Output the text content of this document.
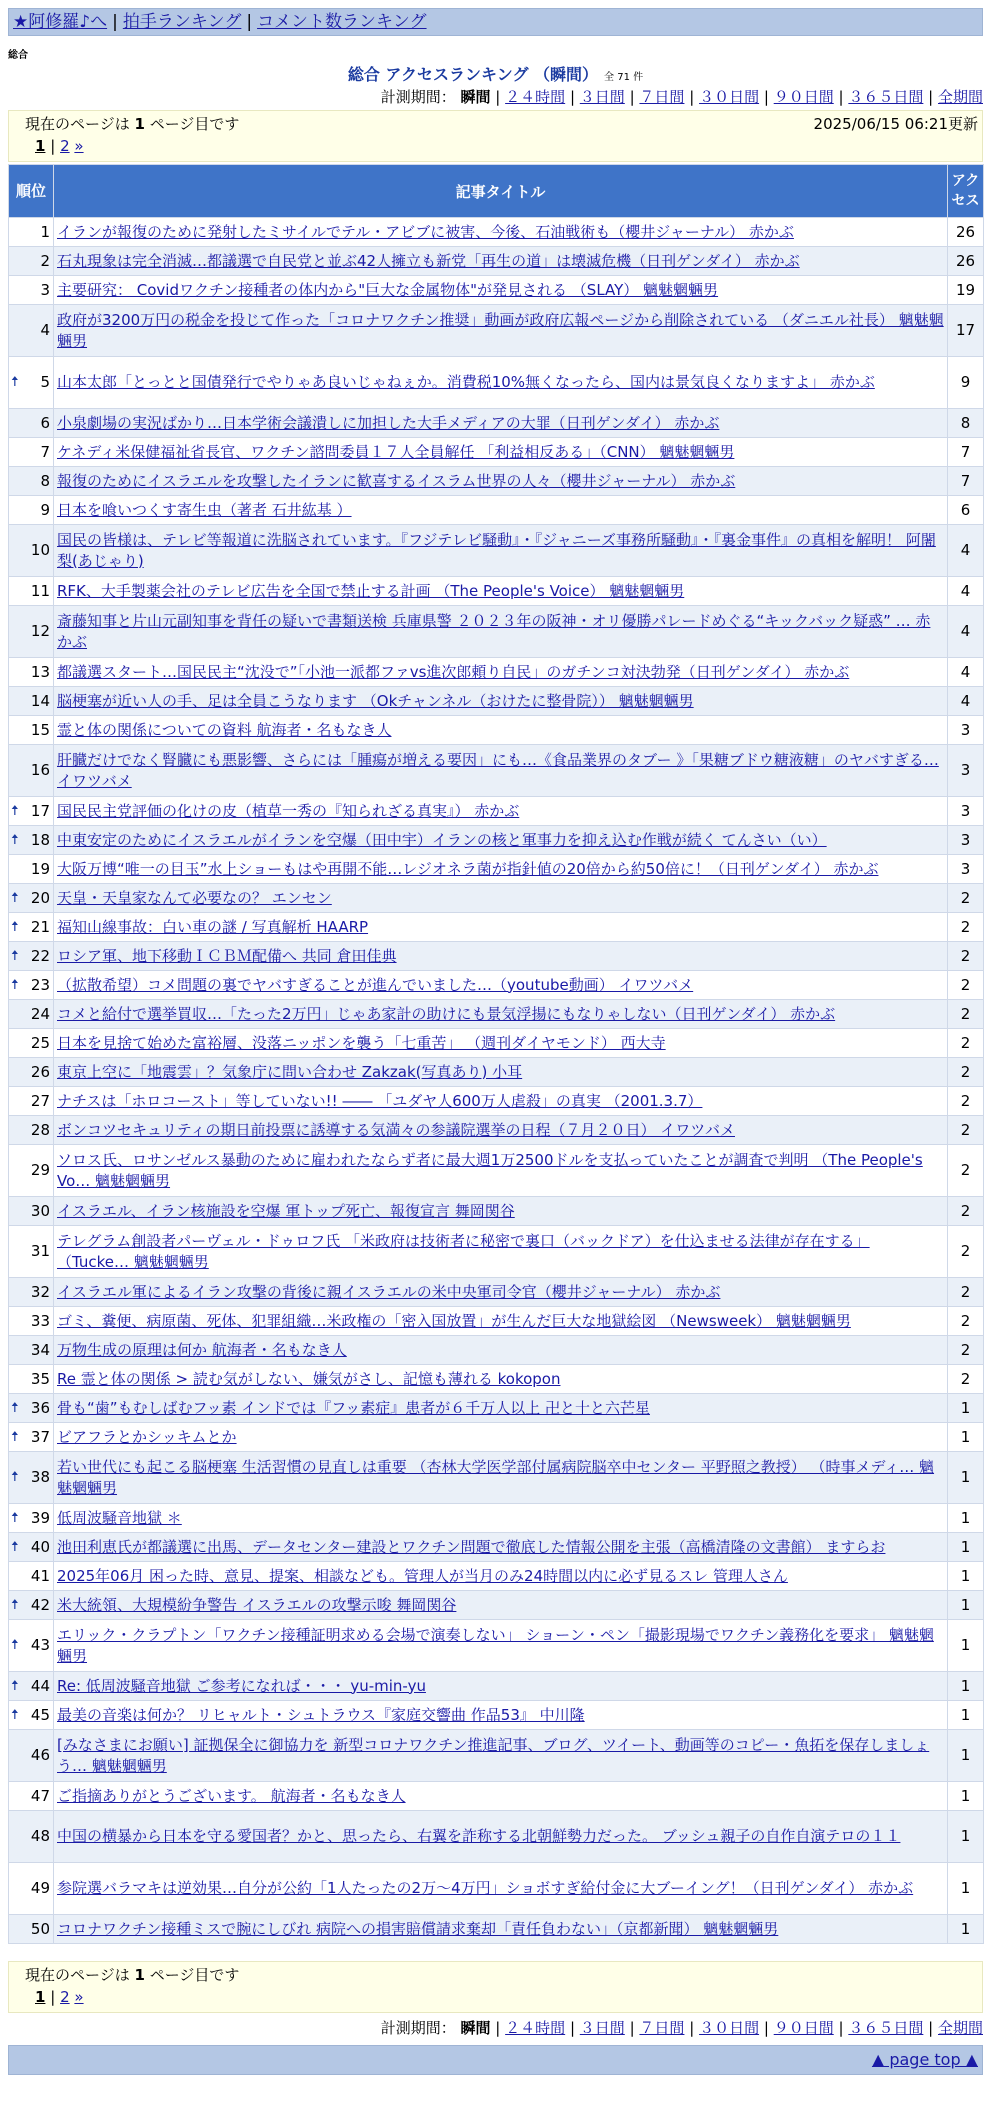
★阿修羅♪へ | 拍手ランキング | コメント数ランキング
総合
総合 アクセスランキング （瞬間） 全 71 件
計測期間： 瞬間 | ２４時間 | ３日間 | ７日間 | ３０日間 | ９０日間 | ３６５日間 | 全期間
現在のページは 1 ページ目です	2025/06/15 06:21更新
1 | 2 »
順位	記事タイトル	アクセス
1	イランが報復のために発射したミサイルでテル・アビブに被害、今後、石油戦術も（櫻井ジャーナル） 赤かぶ	26
2	石丸現象は完全消滅…都議選で自民党と並ぶ42人擁立も新党「再生の道」は壊滅危機（日刊ゲンダイ） 赤かぶ	26
3	主要研究： Covidワクチン接種者の体内から"巨大な金属物体"が発見される （SLAY） 魑魅魍魎男	19
4	政府が3200万円の税金を投じて作った「コロナワクチン推奨」動画が政府広報ページから削除されている （ダニエル社長） 魑魅魍魎男	17

🠅 5	山本太郎「とっとと国債発行でやりゃあ良いじゃねぇか。消費税10%無くなったら、国内は景気良くなりますよ」 赤かぶ	9
6	小泉劇場の実況ばかり…日本学術会議潰しに加担した大手メディアの大罪（日刊ゲンダイ） 赤かぶ	8
7	ケネディ米保健福祉省長官、ワクチン諮問委員１７人全員解任 「利益相反ある」（CNN） 魑魅魍魎男	7
8	報復のためにイスラエルを攻撃したイランに歓喜するイスラム世界の人々（櫻井ジャーナル） 赤かぶ	7
9	日本を喰いつくす寄生虫（著者 石井紘基 ）	6
10	国民の皆様は、テレビ等報道に洗脳されています。『フジテレビ騒動』・『ジャニーズ事務所騒動』・『裏金事件』の真相を解明！ 阿闍梨(あじゃり)	4
11	RFK、大手製薬会社のテレビ広告を全国で禁止する計画 （The People's Voice） 魑魅魍魎男	4
12	斎藤知事と片山元副知事を背任の疑いで書類送検 兵庫県警 ２０２３年の阪神・オリ優勝パレードめぐる“キックバック疑惑” … 赤かぶ	4
13	都議選スタート…国民民主“沈没で”「小池一派都ファvs進次郎頼り自民」のガチンコ対決勃発（日刊ゲンダイ） 赤かぶ	4
14	脳梗塞が近い人の手、足は全員こうなります （Okチャンネル（おけたに整骨院）） 魑魅魍魎男	4
15	霊と体の関係についての資料 航海者・名もなき人	3
16	肝臓だけでなく腎臓にも悪影響、さらには「腫瘍が増える要因」にも…《食品業界のタブー 》「果糖ブドウ糖液糖」のヤバすぎる… イワツバメ	3

🠅 17	国民民主党評価の化けの皮（植草一秀の『知られざる真実』） 赤かぶ	3

🠅 18	中東安定のためにイスラエルがイランを空爆（田中宇）イランの核と軍事力を抑え込む作戦が続く てんさい（い）	3
19	大阪万博“唯一の目玉”水上ショーもはや再開不能…レジオネラ菌が指針値の20倍から約50倍に！（日刊ゲンダイ） 赤かぶ	3

🠅 20	天皇・天皇家なんて必要なの？ エンセン	2

🠅 21	福知山線事故：白い車の謎 / 写真解析 HAARP	2

🠅 22	ロシア軍、地下移動ＩＣＢＭ配備へ 共同 倉田佳典	2

🠅 23	（拡散希望）コメ問題の裏でヤバすぎることが進んでいました…（youtube動画） イワツバメ	2
24	コメと給付で選挙買収…「たった2万円」じゃあ家計の助けにも景気浮揚にもなりゃしない（日刊ゲンダイ） 赤かぶ	2
25	日本を見捨て始めた富裕層、没落ニッポンを襲う「七重苦」 （週刊ダイヤモンド） 西大寺	2
26	東京上空に「地震雲」？気象庁に問い合わせ Zakzak(写真あり) 小耳	2
27	ナチスは「ホロコースト」等していない!! ―― 「ユダヤ人600万人虐殺」の真実 （2001.3.7）	2
28	ボンコツセキュリティの期日前投票に誘導する気満々の参議院選挙の日程（７月２０日） イワツバメ	2
29	ソロス氏、ロサンゼルス暴動のために雇われたならず者に最大週1万2500ドルを支払っていたことが調査で判明 （The People's Vo… 魑魅魍魎男	2
30	イスラエル、イラン核施設を空爆 軍トップ死亡、報復宣言 舞岡関谷	2
31	テレグラム創設者パーヴェル・ドゥロフ氏 「米政府は技術者に秘密で裏口（バックドア）を仕込ませる法律が存在する」 （Tucke… 魑魅魍魎男	2
32	イスラエル軍によるイラン攻撃の背後に親イスラエルの米中央軍司令官（櫻井ジャーナル） 赤かぶ	2
33	ゴミ、糞便、病原菌、死体、犯罪組織…米政権の「密入国放置」が生んだ巨大な地獄絵図 （Newsweek） 魑魅魍魎男	2
34	万物生成の原理は何か 航海者・名もなき人	2
35	Re 霊と体の関係 > 読む気がしない、嫌気がさし、記憶も薄れる kokopon	2

🠅 36	骨も“歯”もむしばむフッ素 インドでは『フッ素症』患者が６千万人以上 卍と十と六芒星	1

🠅 37	ビアフラとかシッキムとか	1

🠅 38	若い世代にも起こる脳梗塞 生活習慣の見直しは重要 （杏林大学医学部付属病院脳卒中センター 平野照之教授） （時事メディ… 魑魅魍魎男	1

🠅 39	低周波騒音地獄 ＊	1

🠅 40	池田利恵氏が都議選に出馬、データセンター建設とワクチン問題で徹底した情報公開を主張（高橋清隆の文書館） ますらお	1
41	2025年06月 困った時、意見、提案、相談なども。管理人が当月のみ24時間以内に必ず見るスレ 管理人さん	1

🠅 42	米大統領、大規模紛争警告 イスラエルの攻撃示唆 舞岡関谷	1

🠅 43	エリック・クラプトン「ワクチン接種証明求める会場で演奏しない」 ショーン・ペン「撮影現場でワクチン義務化を要求」 魑魅魍魎男	1

🠅 44	Re: 低周波騒音地獄 ご参考になれば・・・ yu-min-yu	1

🠅 45	最美の音楽は何か？ リヒャルト・シュトラウス『家庭交響曲 作品53』 中川隆	1
46	[みなさまにお願い] 証拠保全に御協力を 新型コロナワクチン推進記事、ブログ、ツイート、動画等のコピー・魚拓を保存しましょう… 魑魅魍魎男	1
47	ご指摘ありがとうございます。 航海者・名もなき人	1
48	中国の横暴から日本を守る愛国者？かと、思ったら、右翼を詐称する北朝鮮勢力だった。 ブッシュ親子の自作自演テロの１１	1
49	参院選バラマキは逆効果…自分が公約「1人たったの2万～4万円」ショボすぎ給付金に大ブーイング！（日刊ゲンダイ） 赤かぶ	1
50	コロナワクチン接種ミスで腕にしびれ 病院への損害賠償請求棄却「責任負わない」（京都新聞） 魑魅魍魎男	1
現在のページは 1 ページ目です
1 | 2 »
計測期間： 瞬間 | ２４時間 | ３日間 | ７日間 | ３０日間 | ９０日間 | ３６５日間 | 全期間
▲ page top ▲
